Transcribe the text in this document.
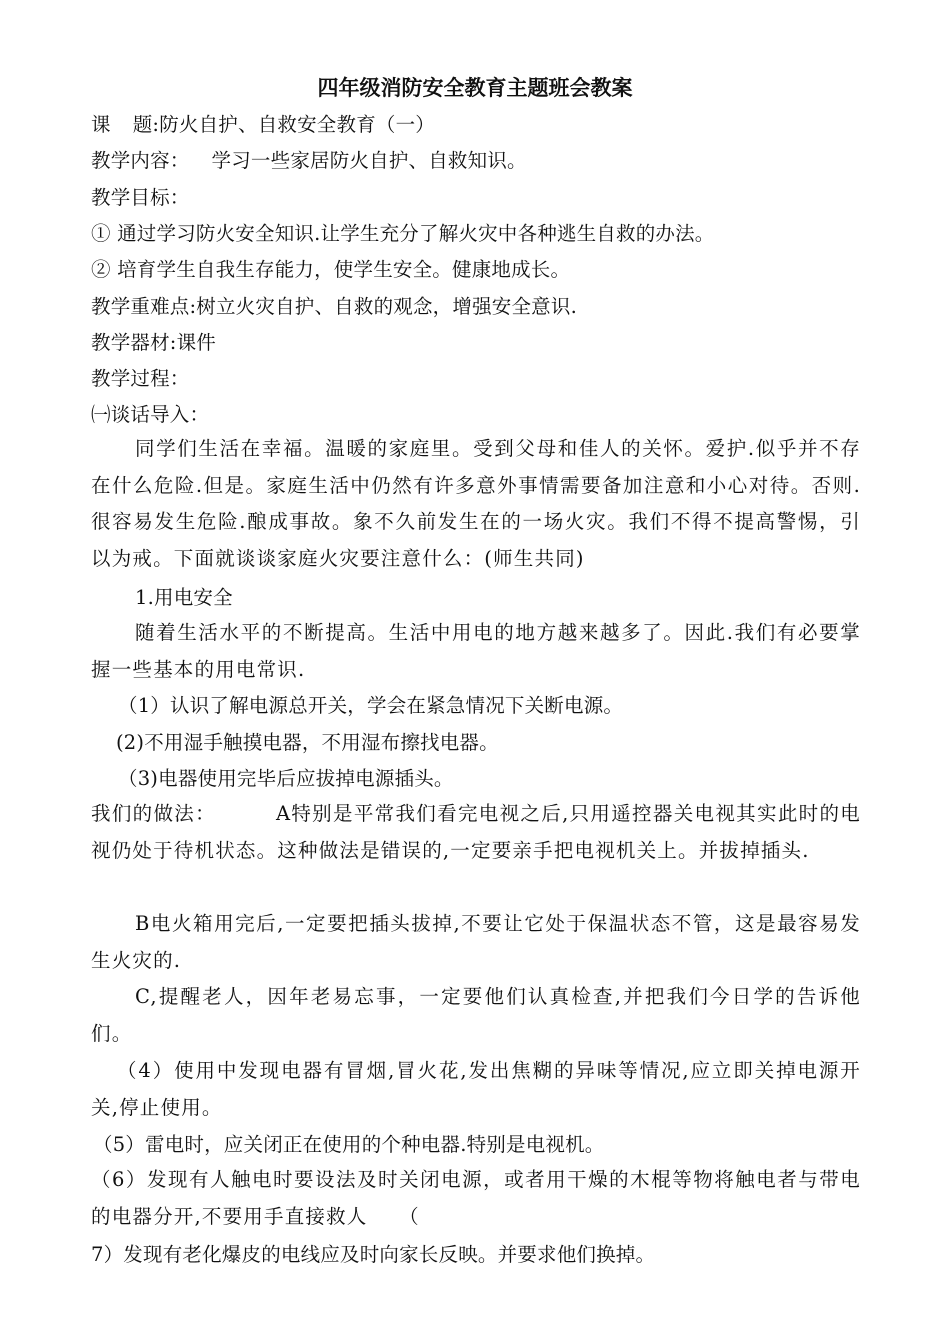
四年级消防安全教育主题班会教案
课 题:防火自护、自救安全教育（一）
教学内容： 学习一些家居防火自护、自救知识。
教学目标：
① 通过学习防火安全知识.让学生充分了解火灾中各种逃生自救的办法。
② 培育学生自我生存能力，使学生安全。健康地成长。
教学重难点:树立火灾自护、自救的观念，增强安全意识.
教学器材:课件
教学过程：
㈠谈话导入：
同学们生活在幸福。温暖的家庭里。受到父母和佳人的关怀。爱护.似乎并不存在什么危险.但是。家庭生活中仍然有许多意外事情需要备加注意和小心对待。否则.很容易发生危险.酿成事故。象不久前发生在的一场火灾。我们不得不提高警惕，引以为戒。下面就谈谈家庭火灾要注意什么：(师生共同)
1.用电安全
随着生活水平的不断提高。生活中用电的地方越来越多了。因此.我们有必要掌握一些基本的用电常识.
（1）认识了解电源总开关，学会在紧急情况下关断电源。
(2)不用湿手触摸电器，不用湿布擦找电器。
（3)电器使用完毕后应拔掉电源插头。
我们的做法：	A特别是平常我们看完电视之后,只用遥控器关电视其实此时的电视仍处于待机状态。这种做法是错误的,一定要亲手把电视机关上。并拔掉插头.
B电火箱用完后,一定要把插头拔掉,不要让它处于保温状态不管，这是最容易发生火灾的.
C,提醒老人，因年老易忘事，一定要他们认真检查,并把我们今日学的告诉他们。
（4）使用中发现电器有冒烟,冒火花,发出焦糊的异味等情况,应立即关掉电源开关,停止使用。
（5）雷电时，应关闭正在使用的个种电器.特别是电视机。
（6）发现有人触电时要设法及时关闭电源，或者用干燥的木棍等物将触电者与带电的电器分开,不要用手直接救人　　（
7）发现有老化爆皮的电线应及时向家长反映。并要求他们换掉。
